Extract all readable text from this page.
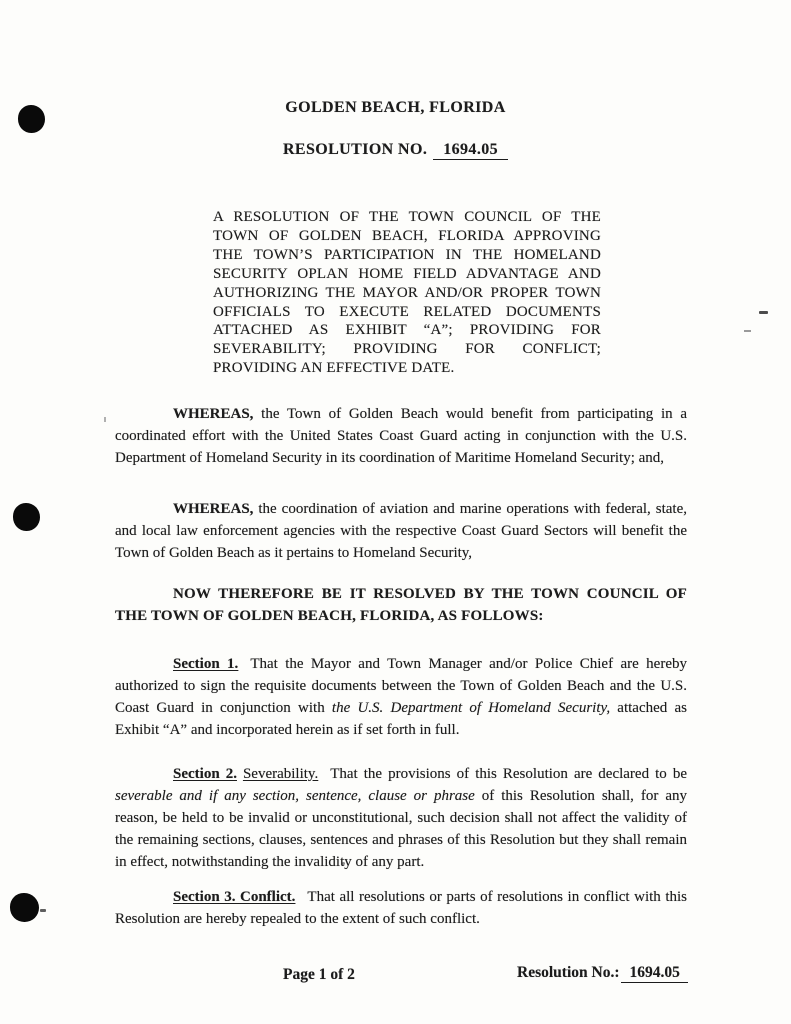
GOLDEN BEACH, FLORIDA
RESOLUTION NO. 1694.05
A RESOLUTION OF THE TOWN COUNCIL OF THE TOWN OF GOLDEN BEACH, FLORIDA APPROVING THE TOWN’S PARTICIPATION IN THE HOMELAND SECURITY OPLAN HOME FIELD ADVANTAGE AND AUTHORIZING THE MAYOR AND/OR PROPER TOWN OFFICIALS TO EXECUTE RELATED DOCUMENTS ATTACHED AS EXHIBIT “A”; PROVIDING FOR SEVERABILITY; PROVIDING FOR CONFLICT; PROVIDING AN EFFECTIVE DATE.

WHEREAS, the Town of Golden Beach would benefit from participating in a coordinated effort with the United States Coast Guard acting in conjunction with the U.S. Department of Homeland Security in its coordination of Maritime Homeland Security; and,

WHEREAS, the coordination of aviation and marine operations with federal, state, and local law enforcement agencies with the respective Coast Guard Sectors will benefit the Town of Golden Beach as it pertains to Homeland Security,

NOW THEREFORE BE IT RESOLVED BY THE TOWN COUNCIL OF THE TOWN OF GOLDEN BEACH, FLORIDA, AS FOLLOWS:

Section 1. That the Mayor and Town Manager and/or Police Chief are hereby authorized to sign the requisite documents between the Town of Golden Beach and the U.S. Coast Guard in conjunction with the U.S. Department of Homeland Security, attached as Exhibit “A” and incorporated herein as if set forth in full.

Section 2. Severability. That the provisions of this Resolution are declared to be severable and if any section, sentence, clause or phrase of this Resolution shall, for any reason, be held to be invalid or unconstitutional, such decision shall not affect the validity of the remaining sections, clauses, sentences and phrases of this Resolution but they shall remain in effect, notwithstanding the invalidity of any part.

Section 3. Conflict. That all resolutions or parts of resolutions in conflict with this Resolution are hereby repealed to the extent of such conflict.

Page 1 of 2	Resolution No.: 1694.05
